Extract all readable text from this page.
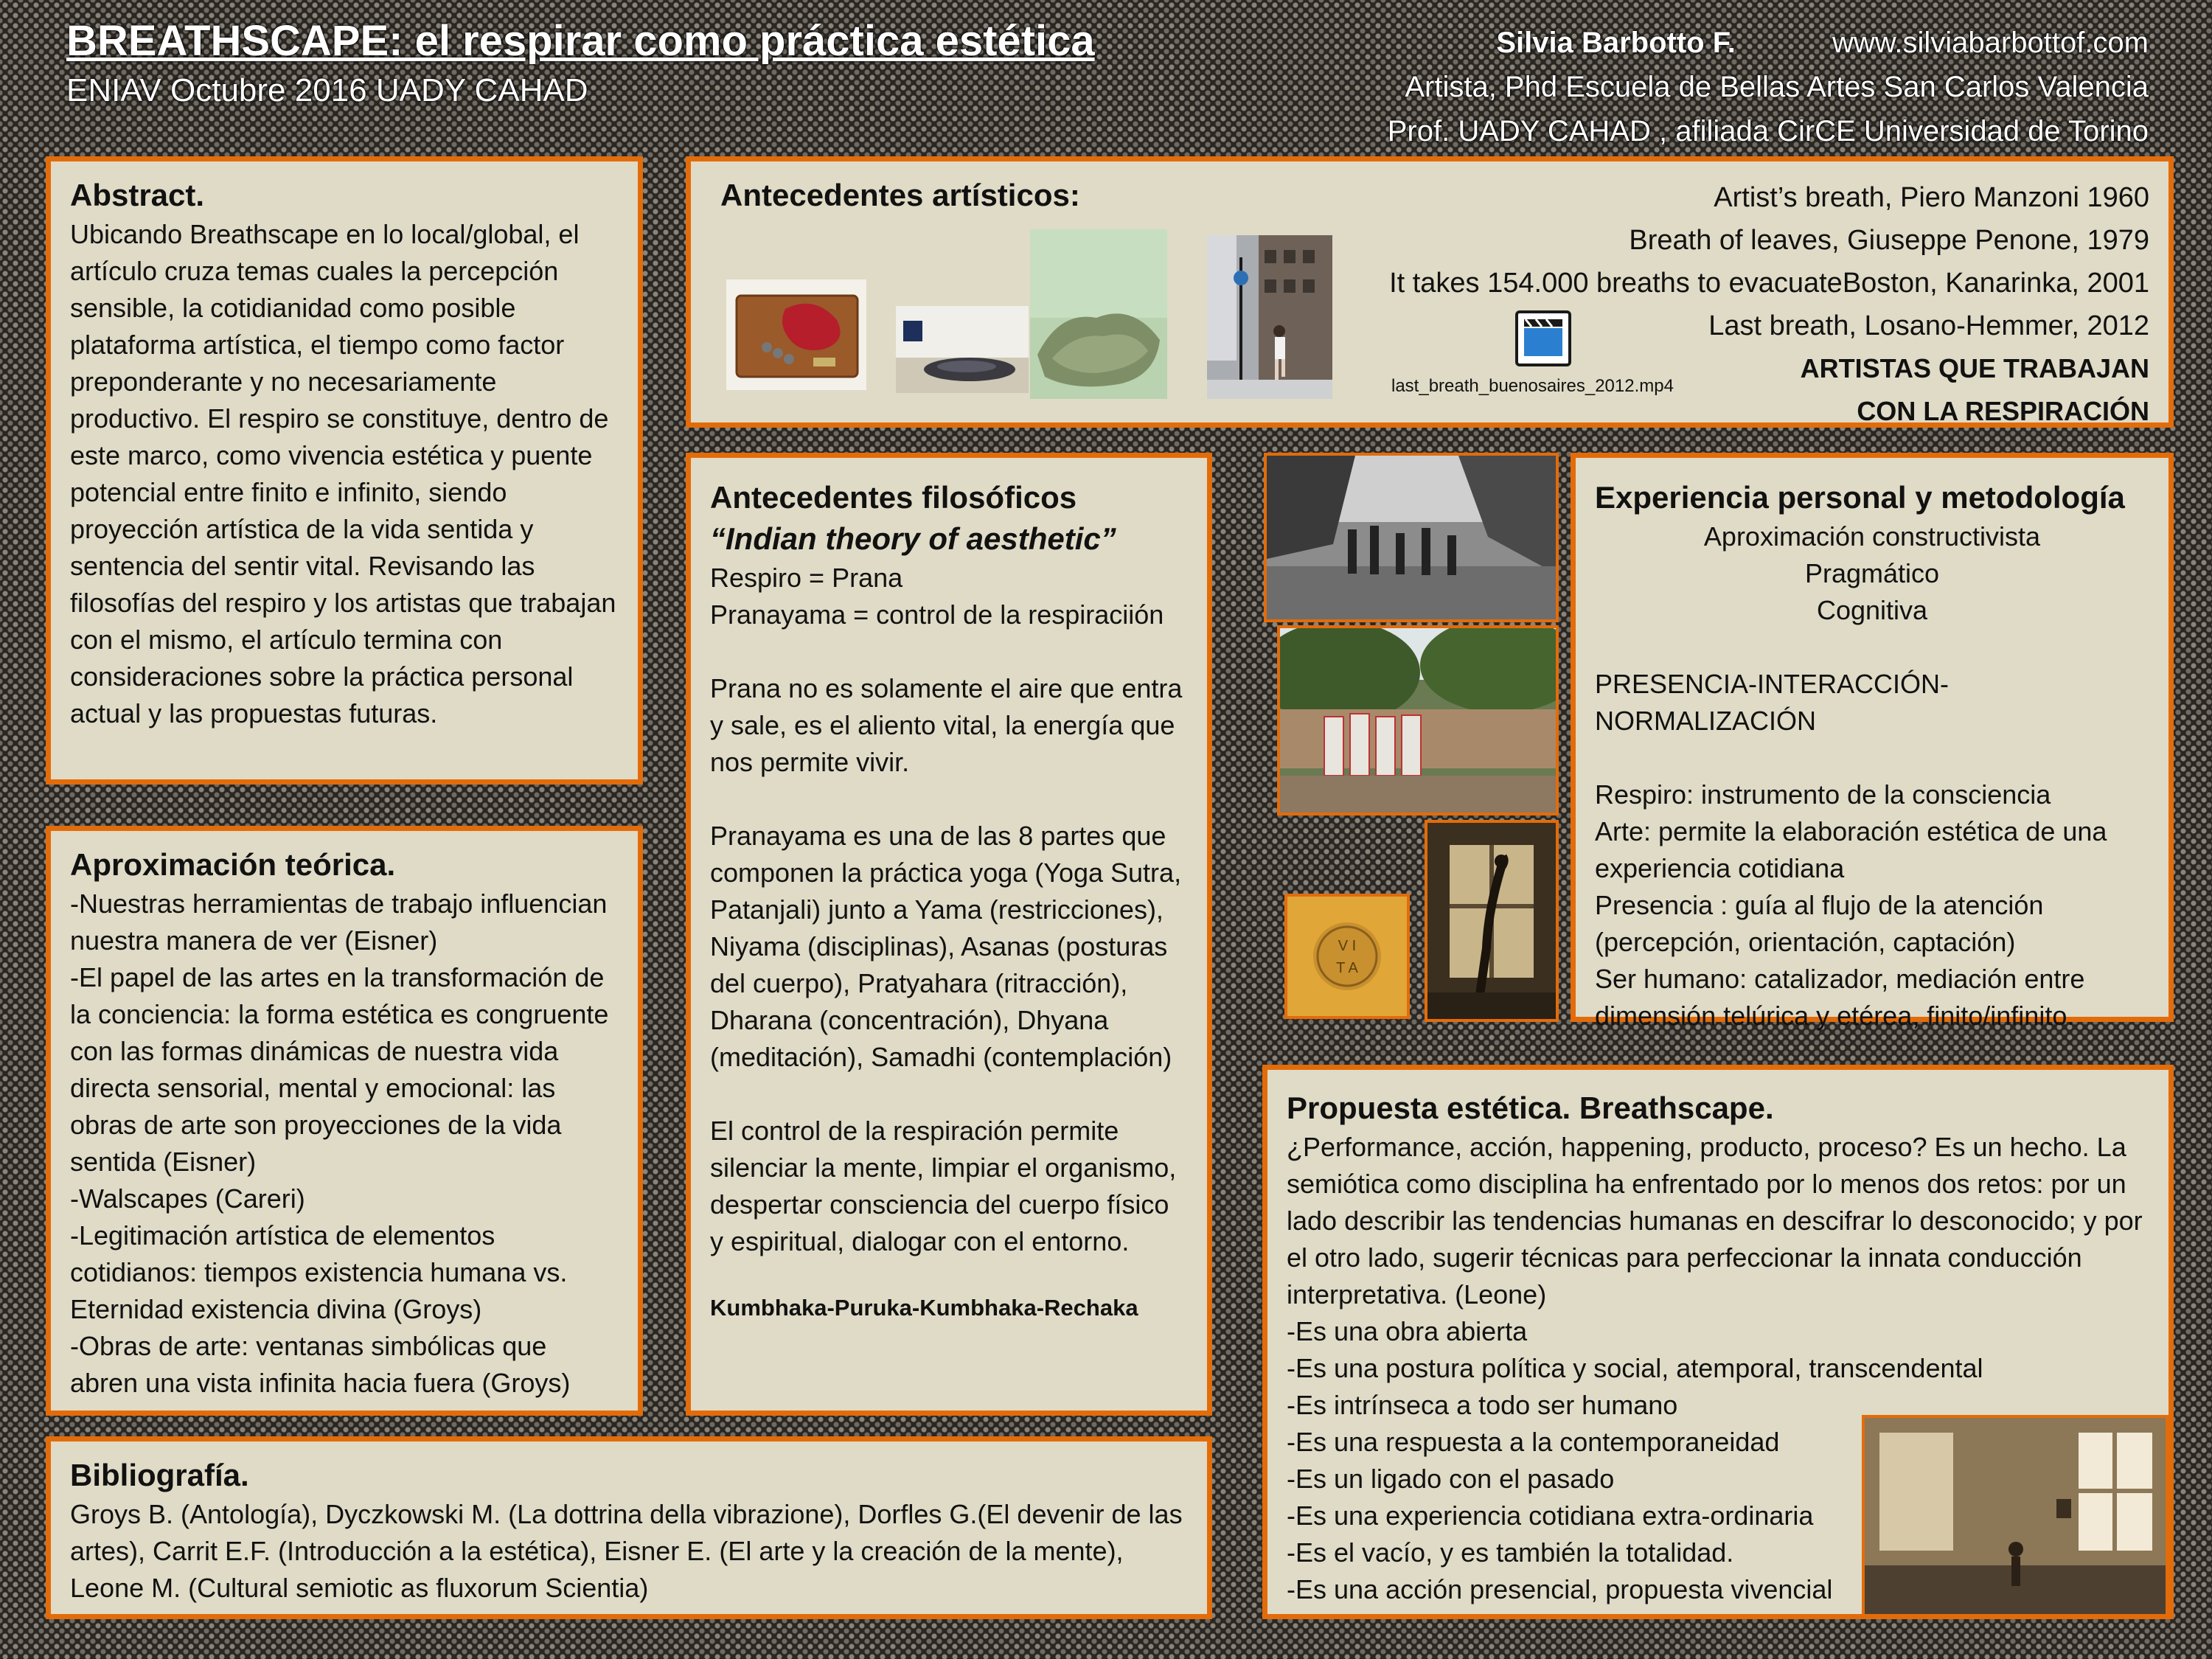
BREATHSCAPE: el respirar como práctica estética
ENIAV Octubre 2016 UADY CAHAD
Silvia Barbotto F.	www.silviabarbottof.com
Artista, Phd Escuela de Bellas Artes San Carlos Valencia
Prof. UADY CAHAD , afiliada CirCE Universidad de Torino
Abstract.

Ubicando Breathscape en lo local/global, el artículo cruza temas cuales la percepción sensible, la cotidianidad como posible plataforma artística, el tiempo como factor preponderante y no necesariamente productivo. El respiro se constituye, dentro de este marco, como vivencia estética y puente potencial entre finito e infinito, siendo proyección artística de la vida sentida y sentencia del sentir vital. Revisando las filosofías del respiro y los artistas que trabajan con el mismo, el artículo termina con consideraciones sobre la práctica personal actual y las propuestas futuras.

Antecedentes artísticos:
last_breath_buenosaires_2012.mp4
Artist’s breath, Piero Manzoni 1960
Breath of leaves, Giuseppe Penone, 1979
It takes 154.000 breaths to evacuateBoston, Kanarinka, 2001
Last breath, Losano-Hemmer, 2012
ARTISTAS QUE TRABAJAN
CON LA RESPIRACIÓN
Aproximación teórica.

-Nuestras herramientas de trabajo influencian nuestra manera de ver (Eisner)

-El papel de las artes en la transformación de la conciencia: la forma estética es congruente con las formas dinámicas de nuestra vida directa sensorial, mental y emocional: las obras de arte son proyecciones de la vida sentida (Eisner)

-Walscapes (Careri)

-Legitimación artística de elementos cotidianos: tiempos existencia humana vs. Eternidad existencia divina (Groys)

-Obras de arte: ventanas simbólicas que abren una vista infinita hacia fuera (Groys)

Antecedentes filosóficos
“Indian theory of aesthetic”

Respiro = Prana

Pranayama = control de la respiraciión

Prana no es solamente el aire que entra y sale, es el aliento vital, la energía que nos permite vivir.

Pranayama es una de las 8 partes que componen la práctica yoga (Yoga Sutra, Patanjali) junto a Yama (restricciones), Niyama (disciplinas), Asanas (posturas del cuerpo), Pratyahara (ritracción), Dharana (concentración), Dhyana (meditación), Samadhi (contemplación)

El control de la respiración permite silenciar la mente, limpiar el organismo, despertar consciencia del cuerpo físico y espiritual, dialogar con el entorno.

Kumbhaka-Puruka-Kumbhaka-Rechaka

V I
T A
Experiencia personal y metodología

Aproximación constructivista

Pragmático

Cognitiva

PRESENCIA-INTERACCIÓN-NORMALIZACIÓN

Respiro: instrumento de la consciencia

Arte: permite la elaboración estética de una experiencia cotidiana

Presencia : guía al flujo de la atención (percepción, orientación, captación)

Ser humano: catalizador, mediación entre dimensión telúrica y etérea, finito/infinito.

Propuesta estética. Breathscape.

¿Performance, acción, happening, producto, proceso? Es un hecho. La semiótica como disciplina ha enfrentado por lo menos dos retos: por un lado describir las tendencias humanas en descifrar lo desconocido; y por el otro lado, sugerir técnicas para perfeccionar la innata conducción interpretativa. (Leone)

-Es una obra abierta

-Es una postura política y social, atemporal, transcendental

-Es intrínseca a todo ser humano

-Es una respuesta a la contemporaneidad

-Es un ligado con el pasado

-Es una experiencia cotidiana extra-ordinaria

-Es el vacío, y es también la totalidad.

-Es una acción presencial, propuesta vivencial

Bibliografía.

Groys B. (Antología), Dyczkowski M. (La dottrina della vibrazione), Dorfles G.(El devenir de las artes), Carrit E.F. (Introducción a la estética), Eisner E. (El arte y la creación de la mente), Leone M. (Cultural semiotic as fluxorum Scientia)
